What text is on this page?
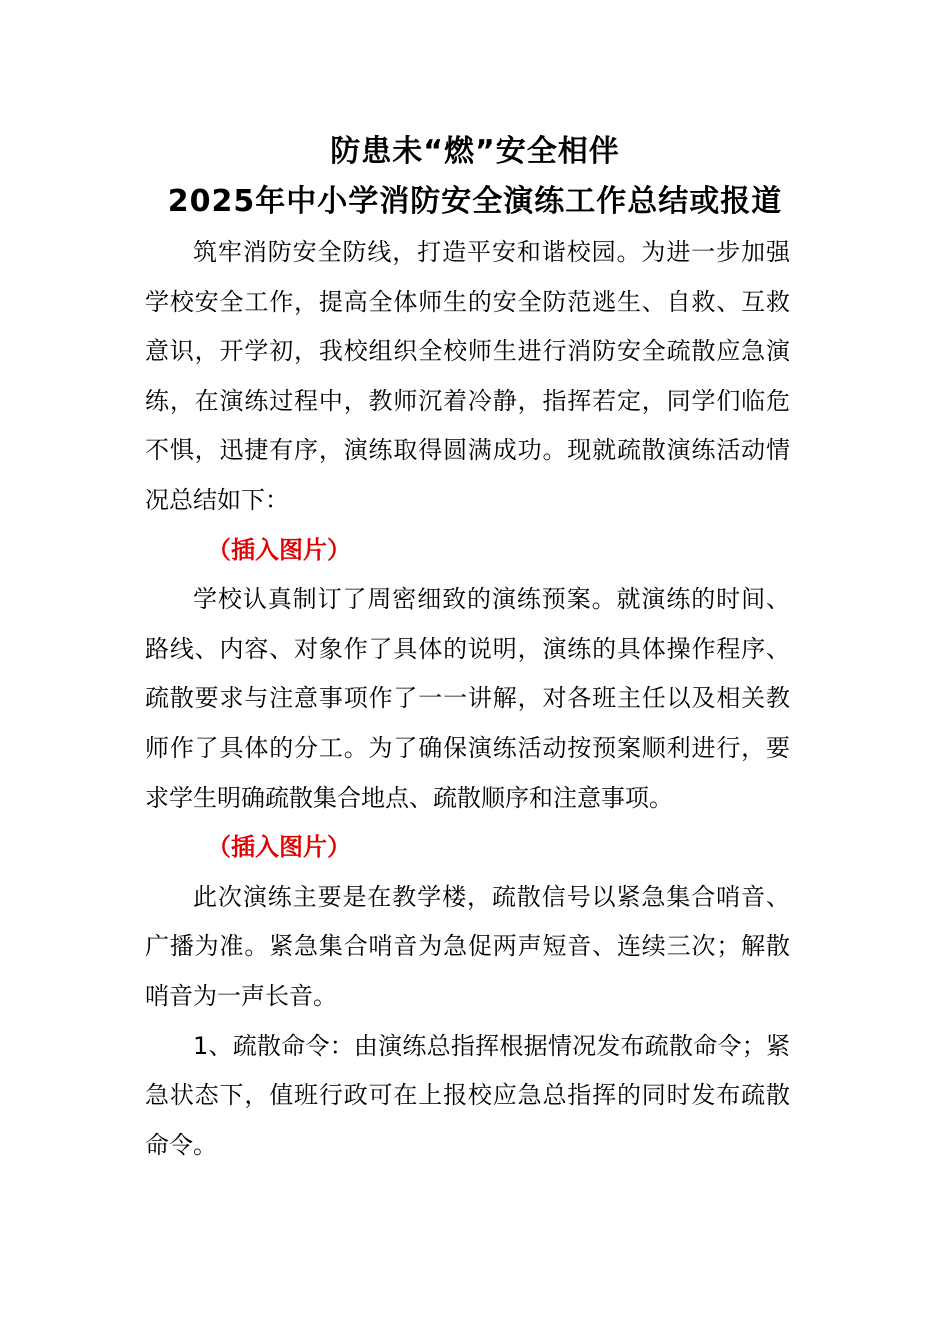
防患未“燃”安全相伴
2025年中小学消防安全演练工作总结或报道

筑牢消防安全防线，打造平安和谐校园。为进一步加强学校安全工作，提高全体师生的安全防范逃生、自救、互救意识，开学初，我校组织全校师生进行消防安全疏散应急演练，在演练过程中，教师沉着冷静，指挥若定，同学们临危不惧，迅捷有序，演练取得圆满成功。现就疏散演练活动情况总结如下：

（插入图片）

学校认真制订了周密细致的演练预案。就演练的时间、路线、内容、对象作了具体的说明，演练的具体操作程序、疏散要求与注意事项作了一一讲解，对各班主任以及相关教师作了具体的分工。为了确保演练活动按预案顺利进行，要求学生明确疏散集合地点、疏散顺序和注意事项。

（插入图片）

此次演练主要是在教学楼，疏散信号以紧急集合哨音、广播为准。紧急集合哨音为急促两声短音、连续三次；解散哨音为一声长音。

1、疏散命令：由演练总指挥根据情况发布疏散命令；紧急状态下，值班行政可在上报校应急总指挥的同时发布疏散命令。
